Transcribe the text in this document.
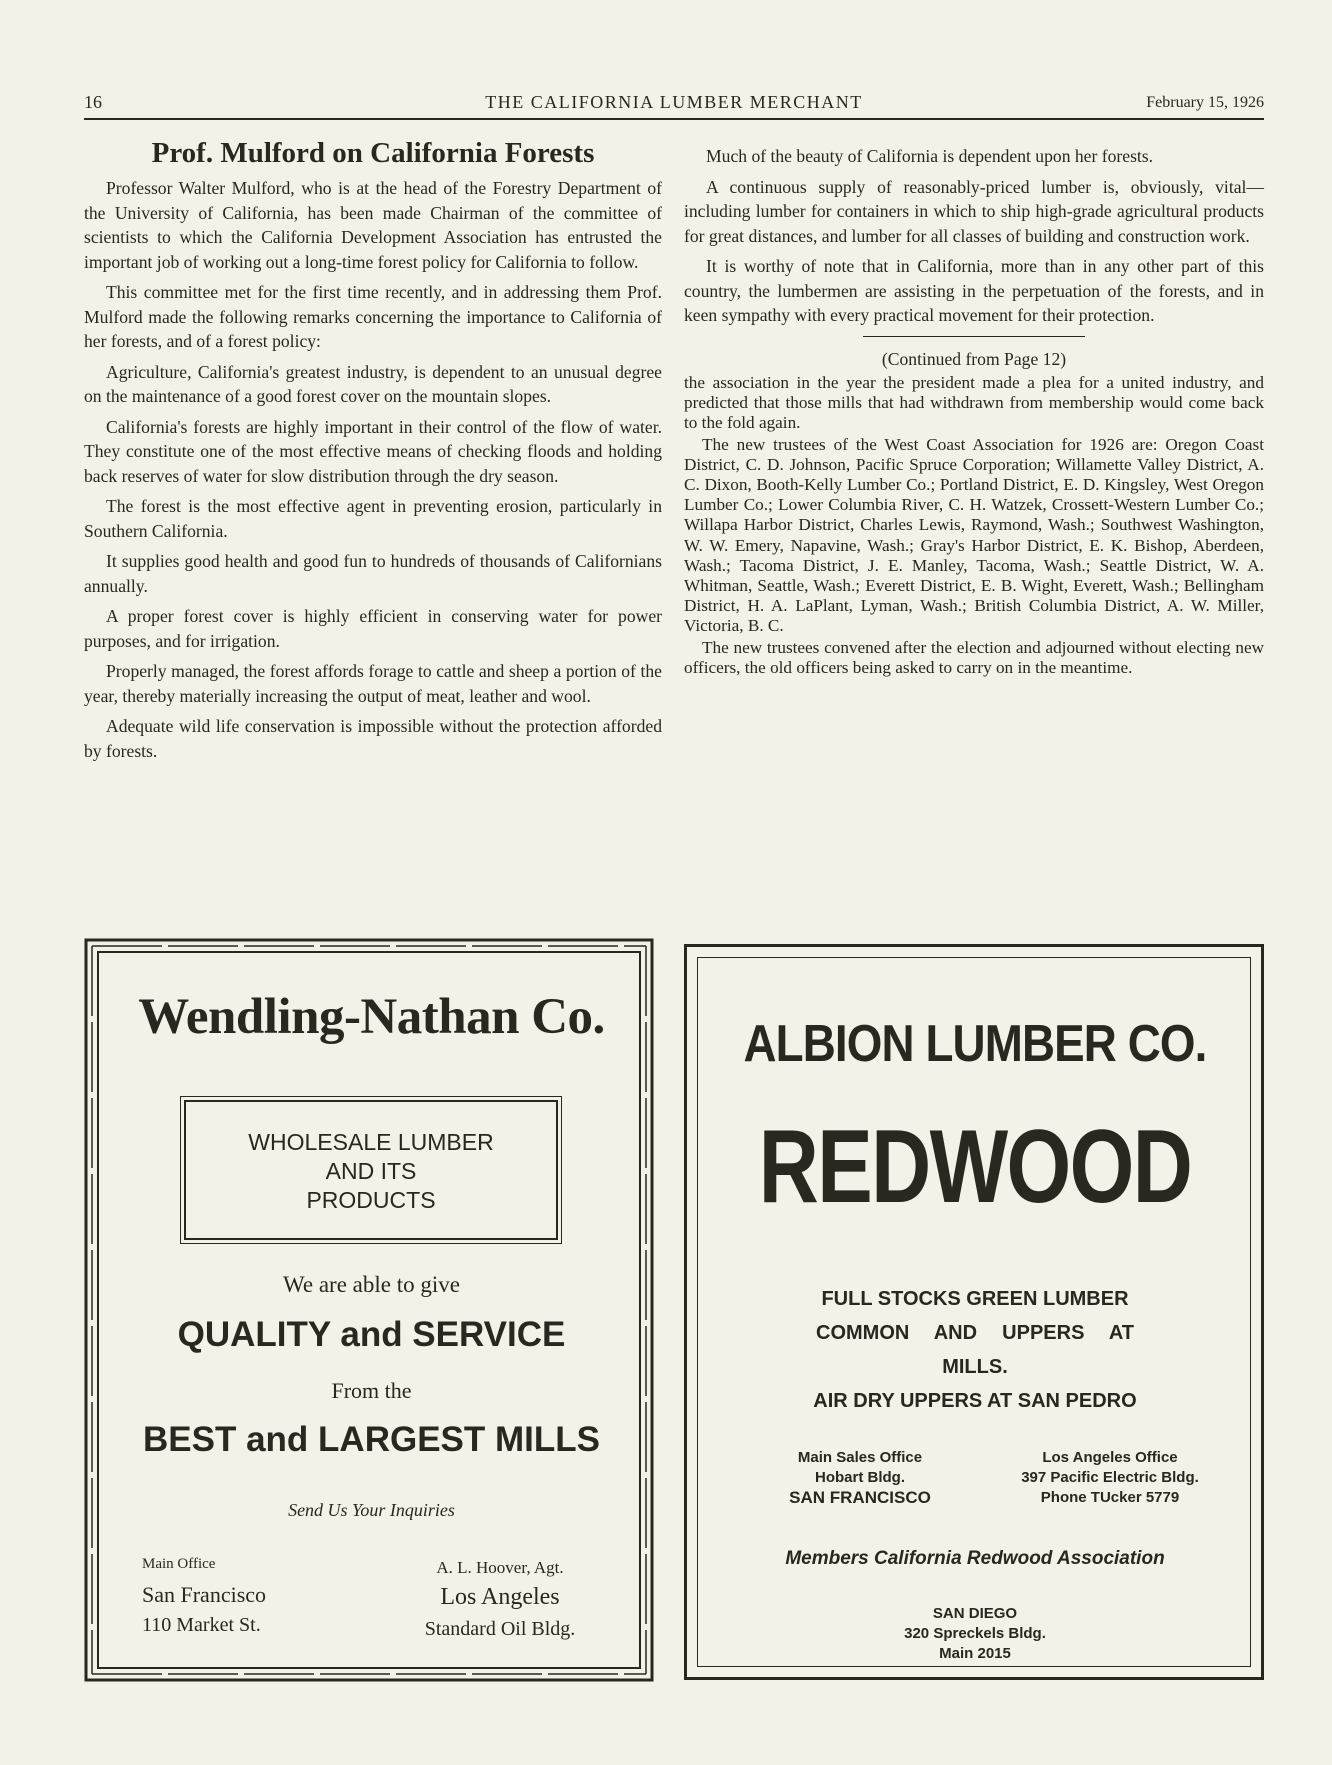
16	THE CALIFORNIA LUMBER MERCHANT	February 15, 1926
Prof. Mulford on California Forests

Professor Walter Mulford, who is at the head of the Forestry Department of the University of California, has been made Chairman of the committee of scientists to which the California Development Association has entrusted the important job of working out a long-time forest policy for California to follow.

This committee met for the first time recently, and in addressing them Prof. Mulford made the following remarks concerning the importance to California of her forests, and of a forest policy:

Agriculture, California's greatest industry, is dependent to an unusual degree on the maintenance of a good forest cover on the mountain slopes.

California's forests are highly important in their control of the flow of water. They constitute one of the most effective means of checking floods and holding back reserves of water for slow distribution through the dry season.

The forest is the most effective agent in preventing erosion, particularly in Southern California.

It supplies good health and good fun to hundreds of thousands of Californians annually.

A proper forest cover is highly efficient in conserving water for power purposes, and for irrigation.

Properly managed, the forest affords forage to cattle and sheep a portion of the year, thereby materially increasing the output of meat, leather and wool.

Adequate wild life conservation is impossible without the protection afforded by forests.

Much of the beauty of California is dependent upon her forests.

A continuous supply of reasonably-priced lumber is, obviously, vital—including lumber for containers in which to ship high-grade agricultural products for great distances, and lumber for all classes of building and construction work.

It is worthy of note that in California, more than in any other part of this country, the lumbermen are assisting in the perpetuation of the forests, and in keen sympathy with every practical movement for their protection.

(Continued from Page 12)

the association in the year the president made a plea for a united industry, and predicted that those mills that had withdrawn from membership would come back to the fold again.

The new trustees of the West Coast Association for 1926 are: Oregon Coast District, C. D. Johnson, Pacific Spruce Corporation; Willamette Valley District, A. C. Dixon, Booth-Kelly Lumber Co.; Portland District, E. D. Kingsley, West Oregon Lumber Co.; Lower Columbia River, C. H. Watzek, Crossett-Western Lumber Co.; Willapa Harbor District, Charles Lewis, Raymond, Wash.; Southwest Washington, W. W. Emery, Napavine, Wash.; Gray's Harbor District, E. K. Bishop, Aberdeen, Wash.; Tacoma District, J. E. Manley, Tacoma, Wash.; Seattle District, W. A. Whitman, Seattle, Wash.; Everett District, E. B. Wight, Everett, Wash.; Bellingham District, H. A. LaPlant, Lyman, Wash.; British Columbia District, A. W. Miller, Victoria, B. C.

The new trustees convened after the election and adjourned without electing new officers, the old officers being asked to carry on in the meantime.

Wendling-Nathan Co.
WHOLESALE LUMBER
AND ITS
PRODUCTS
We are able to give
QUALITY and SERVICE
From the
BEST and LARGEST MILLS
Send Us Your Inquiries
Main Office
San Francisco
110 Market St.
A. L. Hoover, Agt.
Los Angeles
Standard Oil Bldg.
ALBION LUMBER CO.
REDWOOD
FULL STOCKS GREEN LUMBER
COMMON AND UPPERS AT
MILLS.
AIR DRY UPPERS AT SAN PEDRO
Main Sales Office
Hobart Bldg.
SAN FRANCISCO
Los Angeles Office
397 Pacific Electric Bldg.
Phone TUcker 5779
Members California Redwood Association
SAN DIEGO
320 Spreckels Bldg.
Main 2015
